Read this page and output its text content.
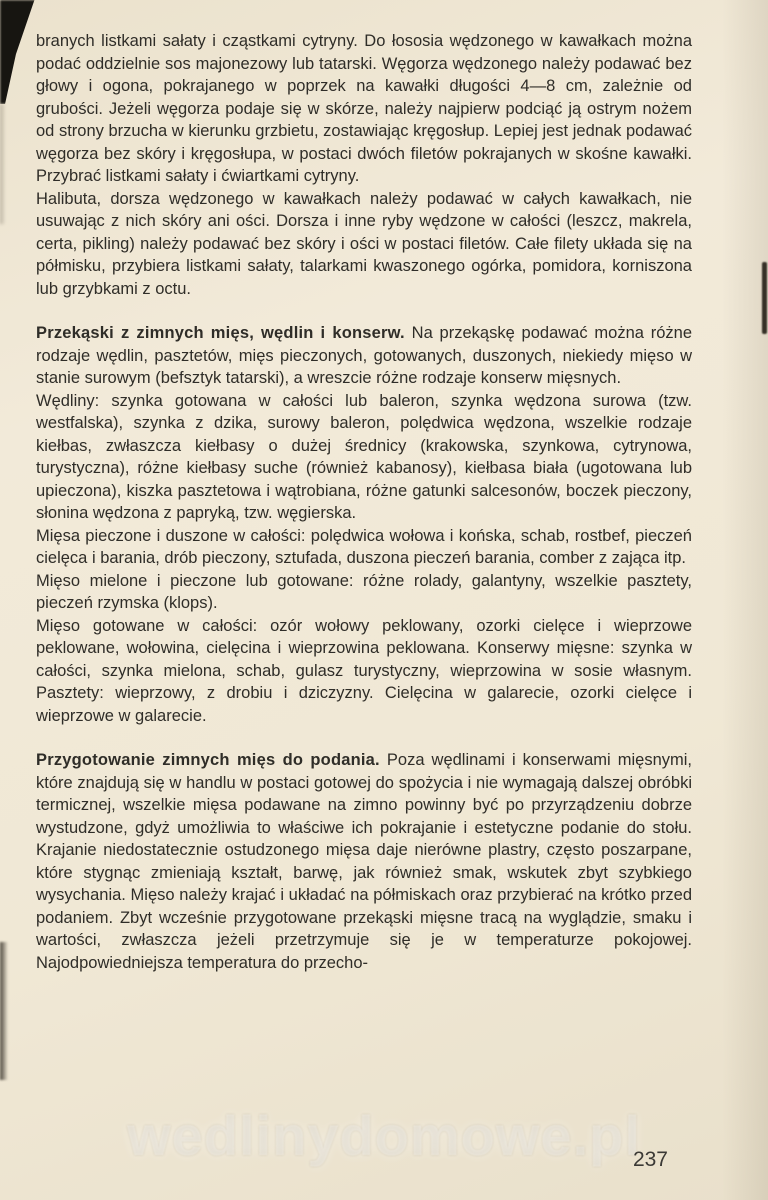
branych listkami sałaty i cząstkami cytryny. Do łososia wędzonego w kawałkach można podać oddzielnie sos majonezowy lub tatarski. Węgorza wędzonego należy podawać bez głowy i ogona, pokrajanego w poprzek na kawałki długości 4—8 cm, zależnie od grubości. Jeżeli węgorza podaje się w skórze, należy najpierw podciąć ją ostrym nożem od strony brzucha w kierunku grzbietu, zostawiając kręgosłup. Lepiej jest jednak podawać węgorza bez skóry i kręgosłupa, w postaci dwóch filetów pokrajanych w skośne kawałki. Przybrać listkami sałaty i ćwiartkami cytryny.

Halibuta, dorsza wędzonego w kawałkach należy podawać w całych kawałkach, nie usuwając z nich skóry ani ości. Dorsza i inne ryby wędzone w całości (leszcz, makrela, certa, pikling) należy podawać bez skóry i ości w postaci filetów. Całe filety układa się na półmisku, przybiera listkami sałaty, talarkami kwaszonego ogórka, pomidora, korniszona lub grzybkami z octu.

Przekąski z zimnych mięs, wędlin i konserw. Na przekąskę podawać można różne rodzaje wędlin, pasztetów, mięs pieczonych, gotowanych, duszonych, niekiedy mięso w stanie surowym (befsztyk tatarski), a wreszcie różne rodzaje konserw mięsnych.

Wędliny: szynka gotowana w całości lub baleron, szynka wędzona surowa (tzw. westfalska), szynka z dzika, surowy baleron, polędwica wędzona, wszelkie rodzaje kiełbas, zwłaszcza kiełbasy o dużej średnicy (krakowska, szynkowa, cytrynowa, turystyczna), różne kiełbasy suche (również kabanosy), kiełbasa biała (ugotowana lub upieczona), kiszka pasztetowa i wątrobiana, różne gatunki salcesonów, boczek pieczony, słonina wędzona z papryką, tzw. węgierska.

Mięsa pieczone i duszone w całości: polędwica wołowa i końska, schab, rostbef, pieczeń cielęca i barania, drób pieczony, sztufada, duszona pieczeń barania, comber z zająca itp.

Mięso mielone i pieczone lub gotowane: różne rolady, galantyny, wszelkie pasztety, pieczeń rzymska (klops).

Mięso gotowane w całości: ozór wołowy peklowany, ozorki cielęce i wieprzowe peklowane, wołowina, cielęcina i wieprzowina peklowana. Konserwy mięsne: szynka w całości, szynka mielona, schab, gulasz turystyczny, wieprzowina w sosie własnym. Pasztety: wieprzowy, z drobiu i dziczyzny. Cielęcina w galarecie, ozorki cielęce i wieprzowe w galarecie.

Przygotowanie zimnych mięs do podania. Poza wędlinami i konserwami mięsnymi, które znajdują się w handlu w postaci gotowej do spożycia i nie wymagają dalszej obróbki termicznej, wszelkie mięsa podawane na zimno powinny być po przyrządzeniu dobrze wystudzone, gdyż umożliwia to właściwe ich pokrajanie i estetyczne podanie do stołu. Krajanie niedostatecznie ostudzonego mięsa daje nierówne plastry, często poszarpane, które stygnąc zmieniają kształt, barwę, jak również smak, wskutek zbyt szybkiego wysychania. Mięso należy krajać i układać na półmiskach oraz przybierać na krótko przed podaniem. Zbyt wcześnie przygotowane przekąski mięsne tracą na wyglądzie, smaku i wartości, zwłaszcza jeżeli przetrzymuje się je w temperaturze pokojowej. Najodpowiedniejsza temperatura do przecho-

wedlinydomowe.pl
237
